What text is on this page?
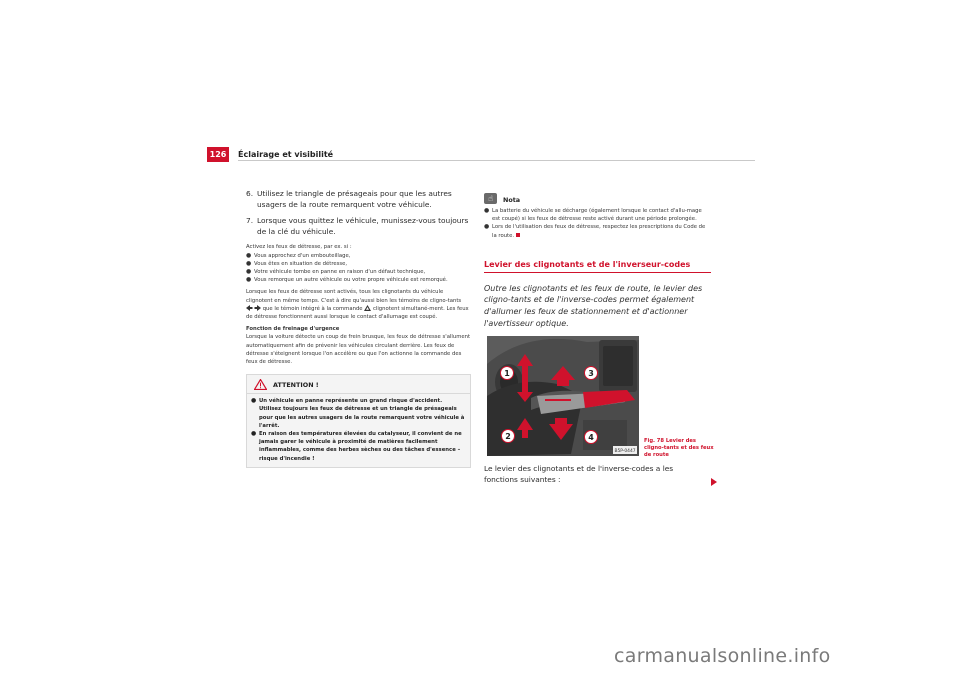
126	Éclairage et visibilité
6. Utilisez le triangle de présageais pour que les autres usagers de la route remarquent votre véhicule.
7. Lorsque vous quittez le véhicule, munissez-vous toujours de la clé du véhicule.
Activez les feux de détresse, par ex. si :
● Vous approchez d'un embouteillage,
● Vous êtes en situation de détresse,
● Votre véhicule tombe en panne en raison d'un défaut technique,
● Vous remorque un autre véhicule ou votre propre véhicule est remorqué.
Lorsque les feux de détresse sont activés, tous les clignotants du véhicule clignotent en même temps. C'est à dire qu'aussi bien les témoins de cligno-tants  que le témoin intégré à la commande clignotent simultané-ment. Les feux de détresse fonctionnent aussi lorsque le contact d'allumage est coupé.
Fonction de freinage d'urgence
Lorsque la voiture détecte un coup de frein brusque, les feux de détresse s'allument automatiquement afin de prévenir les véhicules circulant derrière. Les feux de détresse s'éteignent lorsque l'on accélère ou que l'on actionne la commande des feux de détresse.
ATTENTION !
● Un véhicule en panne représente un grand risque d'accident. Utilisez toujours les feux de détresse et un triangle de présageais pour que les autres usagers de la route remarquent votre véhicule à l'arrêt.
● En raison des températures élevées du catalyseur, il convient de ne jamais garer le véhicule à proximité de matières facilement inflammables, comme des herbes sèches ou des tâches d'essence – risque d'incendie !
☝	Nota
● La batterie du véhicule se décharge (également lorsque le contact d'allu-mage est coupé) si les feux de détresse reste activé durant une période prolongée.
● Lors de l'utilisation des feux de détresse, respectez les prescriptions du Code de la route.
Levier des clignotants et de l'inverseur-codes
Outre les clignotants et les feux de route, le levier des cligno-tants et de l'inverse-codes permet également d'allumer les feux de stationnement et d'actionner l'avertisseur optique.
1
2
3
4
B5P-0447
Fig. 78 Levier des cligno-tants et des feux de route
Le levier des clignotants et de l'inverse-codes a les fonctions suivantes :
carmanualsonline.info
